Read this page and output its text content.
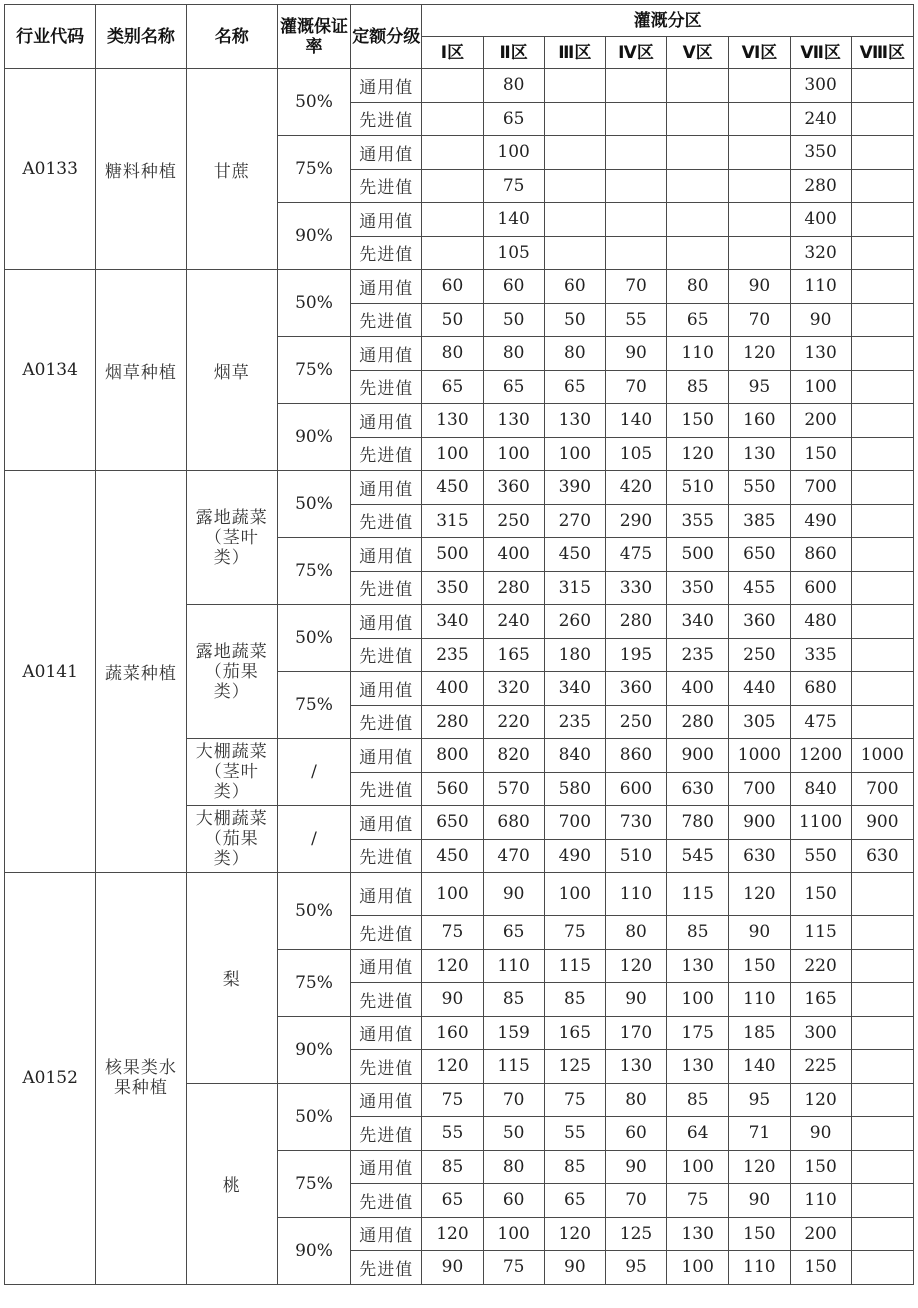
行业代码	类别名称	名称	灌溉保证率	定额分级	灌溉分区							
					Ⅰ区	Ⅱ区	Ⅲ区	Ⅳ区	Ⅴ区	Ⅵ区	Ⅶ区	Ⅷ区
A0133	糖料种植	甘蔗	50%	通用值		80					300	
				先进值		65					240	
			75%	通用值		100					350	
				先进值		75					280	
			90%	通用值		140					400	
				先进值		105					320	
A0134	烟草种植	烟草	50%	通用值	60	60	60	70	80	90	110	
				先进值	50	50	50	55	65	70	90	
			75%	通用值	80	80	80	90	110	120	130	
				先进值	65	65	65	70	85	95	100	
			90%	通用值	130	130	130	140	150	160	200	
				先进值	100	100	100	105	120	130	150	
A0141	蔬菜种植	露地蔬菜（茎叶类）	50%	通用值	450	360	390	420	510	550	700	
				先进值	315	250	270	290	355	385	490	
			75%	通用值	500	400	450	475	500	650	860	
				先进值	350	280	315	330	350	455	600	
		露地蔬菜（茄果类）	50%	通用值	340	240	260	280	340	360	480	
				先进值	235	165	180	195	235	250	335	
			75%	通用值	400	320	340	360	400	440	680	
				先进值	280	220	235	250	280	305	475	
		大棚蔬菜（茎叶类）	/	通用值	800	820	840	860	900	1000	1200	1000
				先进值	560	570	580	600	630	700	840	700
		大棚蔬菜（茄果类）	/	通用值	650	680	700	730	780	900	1100	900
				先进值	450	470	490	510	545	630	550	630
A0152	核果类水果种植	梨	50%	通用值	100	90	100	110	115	120	150	
				先进值	75	65	75	80	85	90	115	
			75%	通用值	120	110	115	120	130	150	220	
				先进值	90	85	85	90	100	110	165	
			90%	通用值	160	159	165	170	175	185	300	
				先进值	120	115	125	130	130	140	225	
		桃	50%	通用值	75	70	75	80	85	95	120	
				先进值	55	50	55	60	64	71	90	
			75%	通用值	85	80	85	90	100	120	150	
				先进值	65	60	65	70	75	90	110	
			90%	通用值	120	100	120	125	130	150	200	
				先进值	90	75	90	95	100	110	150	
